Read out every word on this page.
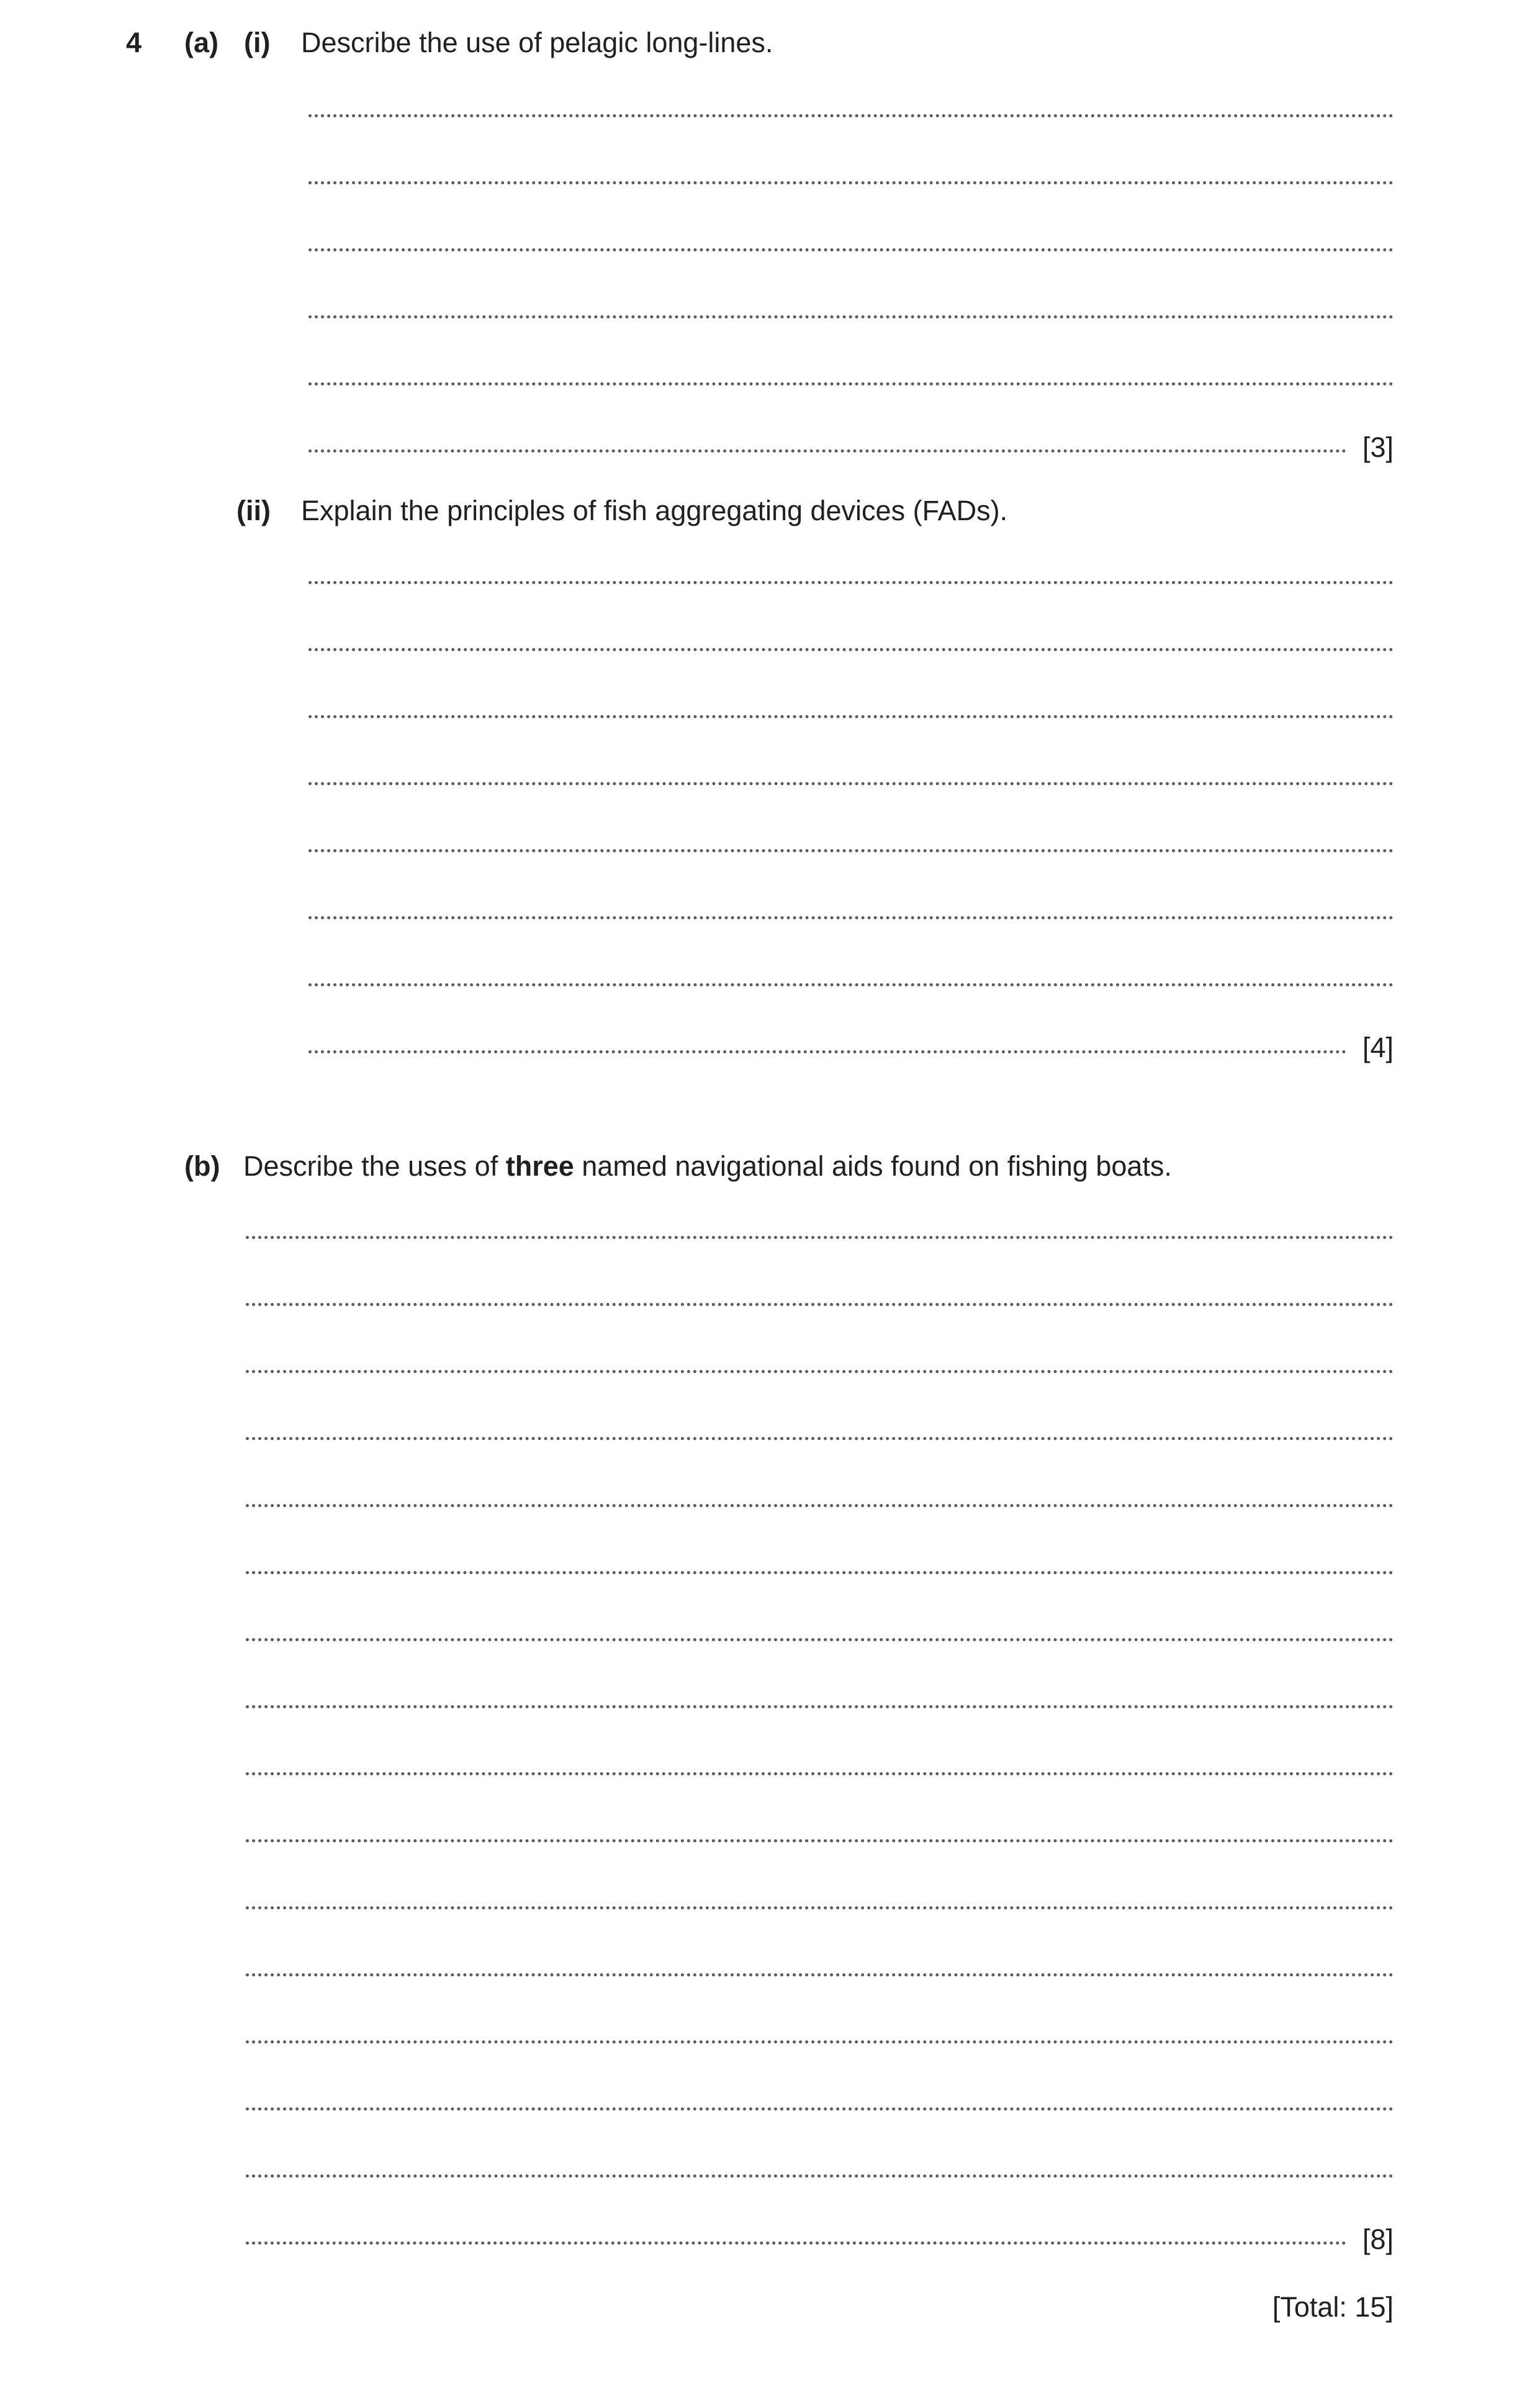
4 (a) (i) Describe the use of pelagic long-lines.
[3]
(ii) Explain the principles of fish aggregating devices (FADs).
[4]
(b) Describe the uses of three named navigational aids found on fishing boats.
[8]
[Total: 15]
